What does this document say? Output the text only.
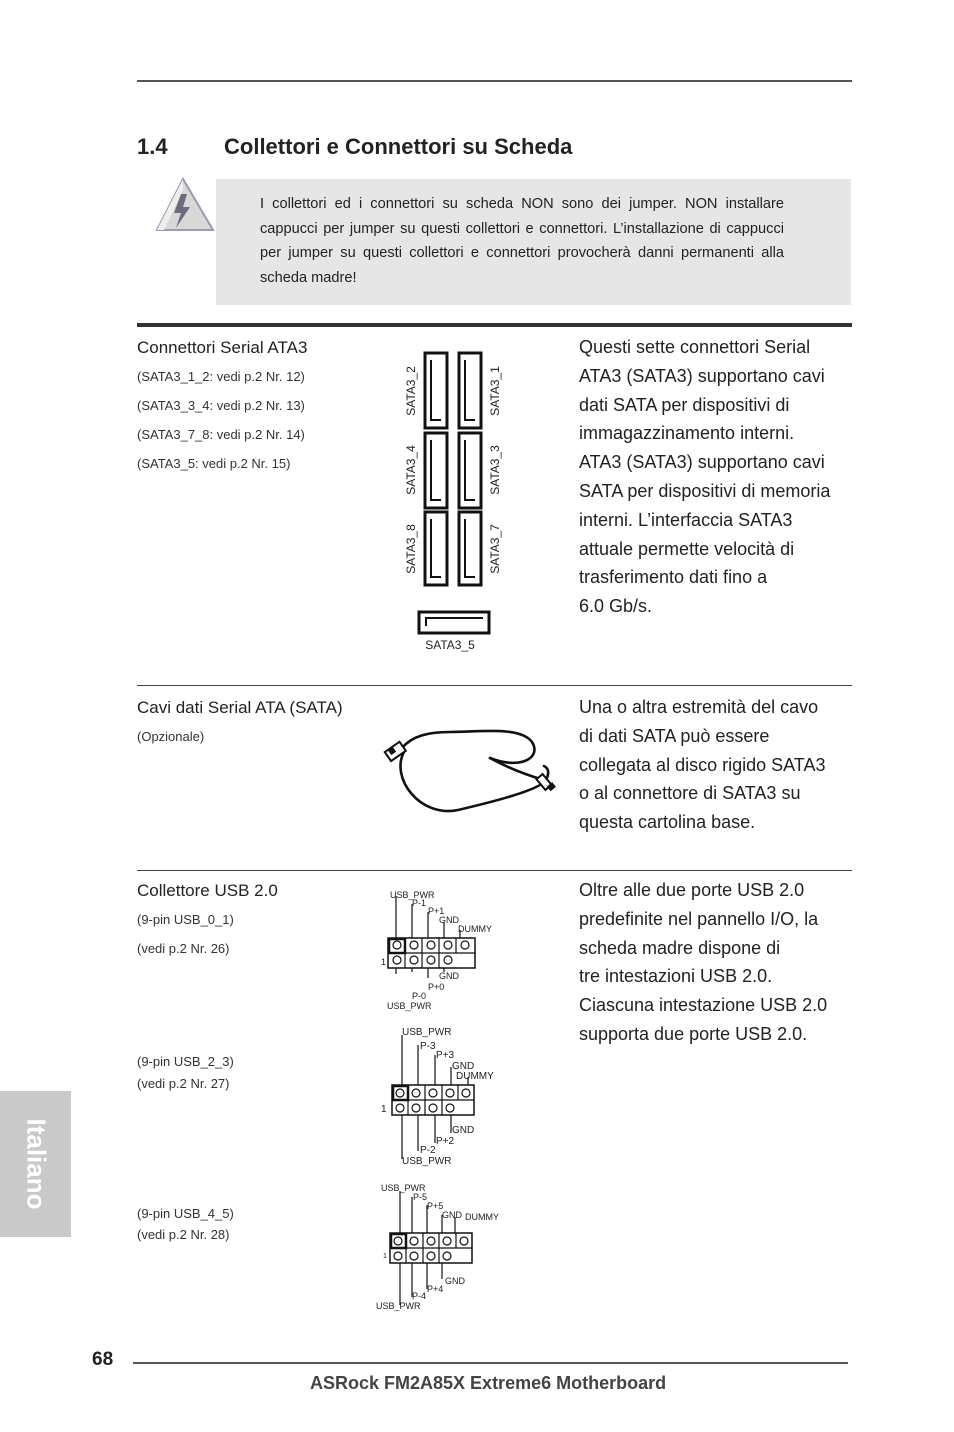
1.4	Collettori e Connettori su Scheda
I collettori ed i connettori su scheda NON sono dei jumper. NON installare cappucci per jumper su questi collettori e connettori. L’installazione di cappucci per jumper su questi collettori e connettori provocherà danni permanenti alla scheda madre!
Connettori Serial ATA3
(SATA3_1_2: vedi p.2 Nr. 12)
(SATA3_3_4: vedi p.2 Nr. 13)
(SATA3_7_8: vedi p.2 Nr. 14)
(SATA3_5: vedi p.2 Nr. 15)
SATA3_2	SATA3_1
SATA3_4	SATA3_3
SATA3_8	SATA3_7
SATA3_5
Questi sette connettori Serial
ATA3 (SATA3) supportano cavi
dati SATA per dispositivi di
immagazzinamento interni.
ATA3 (SATA3) supportano cavi
SATA per dispositivi di memoria
interni. L’interfaccia SATA3
attuale permette velocità di
trasferimento dati fino a
6.0 Gb/s.
Cavi dati Serial ATA (SATA)
(Opzionale)
Una o altra estremità del cavo
di dati SATA può essere
collegata al disco rigido SATA3
o al connettore di SATA3 su
questa cartolina base.
Collettore USB 2.0
(9-pin USB_0_1)
(vedi p.2 Nr. 26)
(9-pin USB_2_3)
(vedi p.2 Nr. 27)
(9-pin USB_4_5)
(vedi p.2 Nr. 28)
Oltre alle due porte USB 2.0
predefinite nel pannello I/O, la
scheda madre dispone di
tre intestazioni USB 2.0.
Ciascuna intestazione USB 2.0
supporta due porte USB 2.0.
USB_PWR
P-1
P+1
GND
DUMMY
GND
P+0
P-0
USB_PWR
1
USB_PWR
P-3
P+3
GND
DUMMY
GND
P+2
P-2
USB_PWR
1
USB_PWR
P-5
P+5
GND DUMMY
GND
P+4
P-4
USB_PWR
1
Italiano
68
ASRock FM2A85X Extreme6 Motherboard
